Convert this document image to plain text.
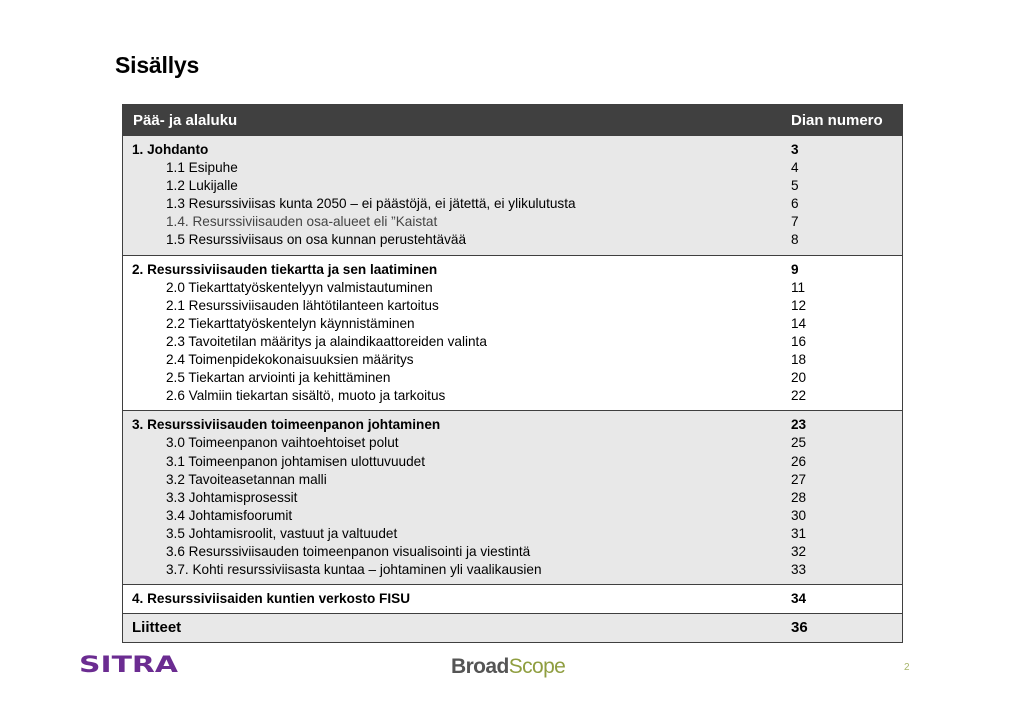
Sisällys
Pää- ja alaluku	Dian numero
1. Johdanto	3
1.1 Esipuhe	4
1.2 Lukijalle	5
1.3 Resurssiviisas kunta 2050 – ei päästöjä, ei jätettä, ei ylikulutusta	6
1.4. Resurssiviisauden osa-alueet eli ”Kaistat	7
1.5 Resurssiviisaus on osa kunnan perustehtävää	8
2. Resurssiviisauden tiekartta ja sen laatiminen	9
2.0 Tiekarttatyöskentelyyn valmistautuminen	11
2.1 Resurssiviisauden lähtötilanteen kartoitus	12
2.2 Tiekarttatyöskentelyn käynnistäminen	14
2.3 Tavoitetilan määritys ja alaindikaattoreiden valinta	16
2.4 Toimenpidekokonaisuuksien määritys	18
2.5 Tiekartan arviointi ja kehittäminen	20
2.6 Valmiin tiekartan sisältö, muoto ja tarkoitus	22
3. Resurssiviisauden toimeenpanon johtaminen	23
3.0 Toimeenpanon vaihtoehtoiset polut	25
3.1 Toimeenpanon johtamisen ulottuvuudet	26
3.2 Tavoiteasetannan malli	27
3.3 Johtamisprosessit	28
3.4 Johtamisfoorumit	30
3.5 Johtamisroolit, vastuut ja valtuudet	31
3.6 Resurssiviisauden toimeenpanon visualisointi ja viestintä	32
3.7. Kohti resurssiviisasta kuntaa – johtaminen yli vaalikausien	33
4. Resurssiviisaiden kuntien verkosto FISU	34
Liitteet	36
SITRA	BroadScope	2
